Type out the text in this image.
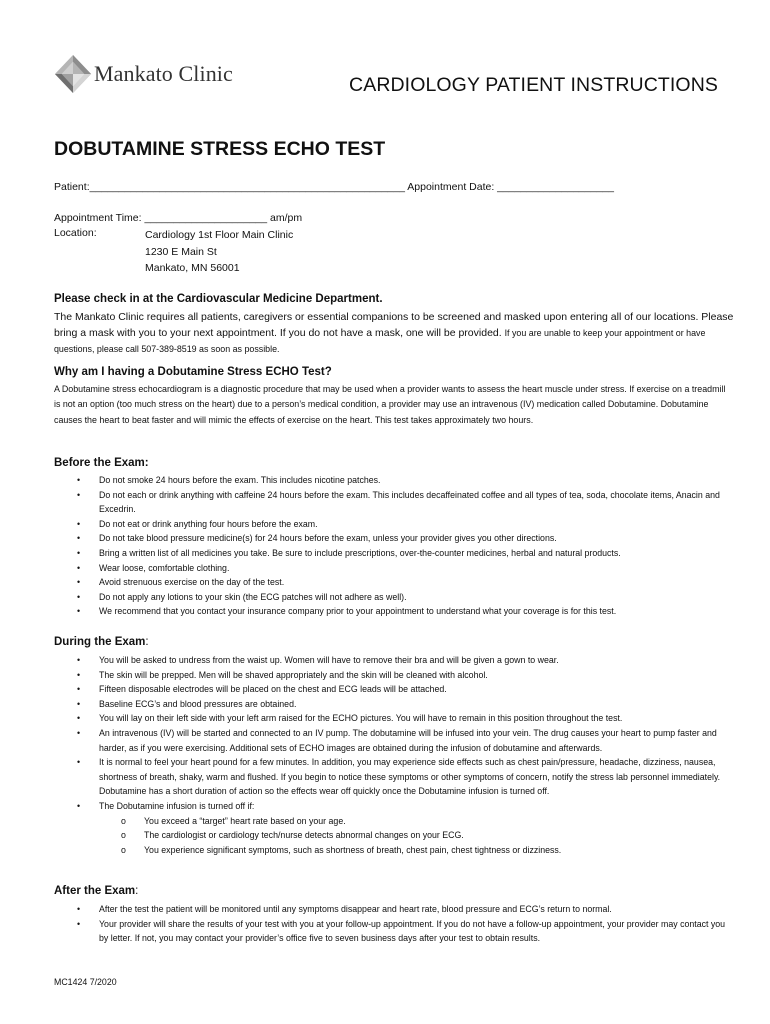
Mankato Clinic	CARDIOLOGY PATIENT INSTRUCTIONS
DOBUTAMINE STRESS ECHO TEST
Patient:______________________________________________________ Appointment Date: ____________________
Appointment Time: _____________________ am/pm
Location:	Cardiology 1st Floor Main Clinic
1230 E Main St
Mankato, MN 56001
Please check in at the Cardiovascular Medicine Department.
The Mankato Clinic requires all patients, caregivers or essential companions to be screened and masked upon entering all of our locations. Please bring a mask with you to your next appointment. If you do not have a mask, one will be provided. If you are unable to keep your appointment or have questions, please call 507-389-8519 as soon as possible.
Why am I having a Dobutamine Stress ECHO Test?
A Dobutamine stress echocardiogram is a diagnostic procedure that may be used when a provider wants to assess the heart muscle under stress. If exercise on a treadmill is not an option (too much stress on the heart) due to a person’s medical condition, a provider may use an intravenous (IV) medication called Dobutamine. Dobutamine causes the heart to beat faster and will mimic the effects of exercise on the heart. This test takes approximately two hours.
Before the Exam:
• Do not smoke 24 hours before the exam. This includes nicotine patches.
• Do not each or drink anything with caffeine 24 hours before the exam. This includes decaffeinated coffee and all types of tea, soda, chocolate items, Anacin and Excedrin.
• Do not eat or drink anything four hours before the exam.
• Do not take blood pressure medicine(s) for 24 hours before the exam, unless your provider gives you other directions.
• Bring a written list of all medicines you take. Be sure to include prescriptions, over-the-counter medicines, herbal and natural products.
• Wear loose, comfortable clothing.
• Avoid strenuous exercise on the day of the test.
• Do not apply any lotions to your skin (the ECG patches will not adhere as well).
• We recommend that you contact your insurance company prior to your appointment to understand what your coverage is for this test.
During the Exam:
• You will be asked to undress from the waist up. Women will have to remove their bra and will be given a gown to wear.
• The skin will be prepped. Men will be shaved appropriately and the skin will be cleaned with alcohol.
• Fifteen disposable electrodes will be placed on the chest and ECG leads will be attached.
• Baseline ECG’s and blood pressures are obtained.
• You will lay on their left side with your left arm raised for the ECHO pictures. You will have to remain in this position throughout the test.
• An intravenous (IV) will be started and connected to an IV pump. The dobutamine will be infused into your vein. The drug causes your heart to pump faster and harder, as if you were exercising. Additional sets of ECHO images are obtained during the infusion of dobutamine and afterwards.
• It is normal to feel your heart pound for a few minutes. In addition, you may experience side effects such as chest pain/pressure, headache, dizziness, nausea, shortness of breath, shaky, warm and flushed. If you begin to notice these symptoms or other symptoms of concern, notify the stress lab personnel immediately. Dobutamine has a short duration of action so the effects wear off quickly once the Dobutamine infusion is turned off.
• The Dobutamine infusion is turned off if:
o You exceed a “target” heart rate based on your age.
o The cardiologist or cardiology tech/nurse detects abnormal changes on your ECG.
o You experience significant symptoms, such as shortness of breath, chest pain, chest tightness or dizziness.
After the Exam:
• After the test the patient will be monitored until any symptoms disappear and heart rate, blood pressure and ECG’s return to normal.
• Your provider will share the results of your test with you at your follow-up appointment. If you do not have a follow-up appointment, your provider may contact you by letter. If not, you may contact your provider’s office five to seven business days after your test to obtain results.
MC1424 7/2020
